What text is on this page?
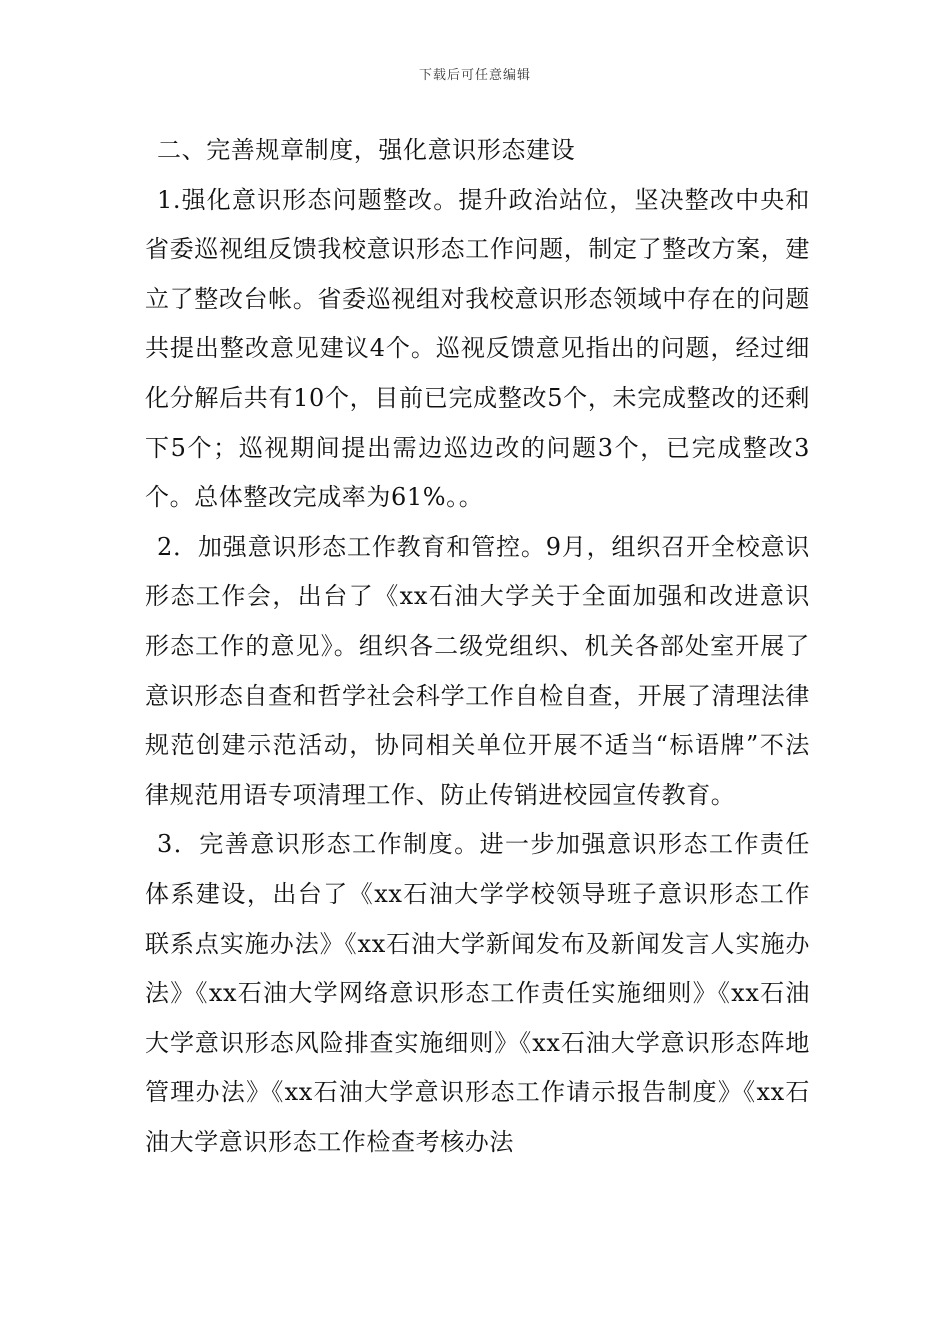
下载后可任意编辑

二、完善规章制度，强化意识形态建设

1.强化意识形态问题整改。提升政治站位，坚决整改中央和省委巡视组反馈我校意识形态工作问题，制定了整改方案，建立了整改台帐。省委巡视组对我校意识形态领域中存在的问题共提出整改意见建议4个。巡视反馈意见指出的问题，经过细化分解后共有10个，目前已完成整改5个，未完成整改的还剩下5个；巡视期间提出需边巡边改的问题3个，已完成整改3个。总体整改完成率为61%。。

2．加强意识形态工作教育和管控。9月，组织召开全校意识形态工作会，出台了《xx石油大学关于全面加强和改进意识形态工作的意见》。组织各二级党组织、机关各部处室开展了意识形态自查和哲学社会科学工作自检自查，开展了清理法律规范创建示范活动，协同相关单位开展不适当“标语牌”不法律规范用语专项清理工作、防止传销进校园宣传教育。

3．完善意识形态工作制度。进一步加强意识形态工作责任体系建设，出台了《xx石油大学学校领导班子意识形态工作联系点实施办法》《xx石油大学新闻发布及新闻发言人实施办法》《xx石油大学网络意识形态工作责任实施细则》《xx石油大学意识形态风险排查实施细则》《xx石油大学意识形态阵地管理办法》《xx石油大学意识形态工作请示报告制度》《xx石油大学意识形态工作检查考核办法
